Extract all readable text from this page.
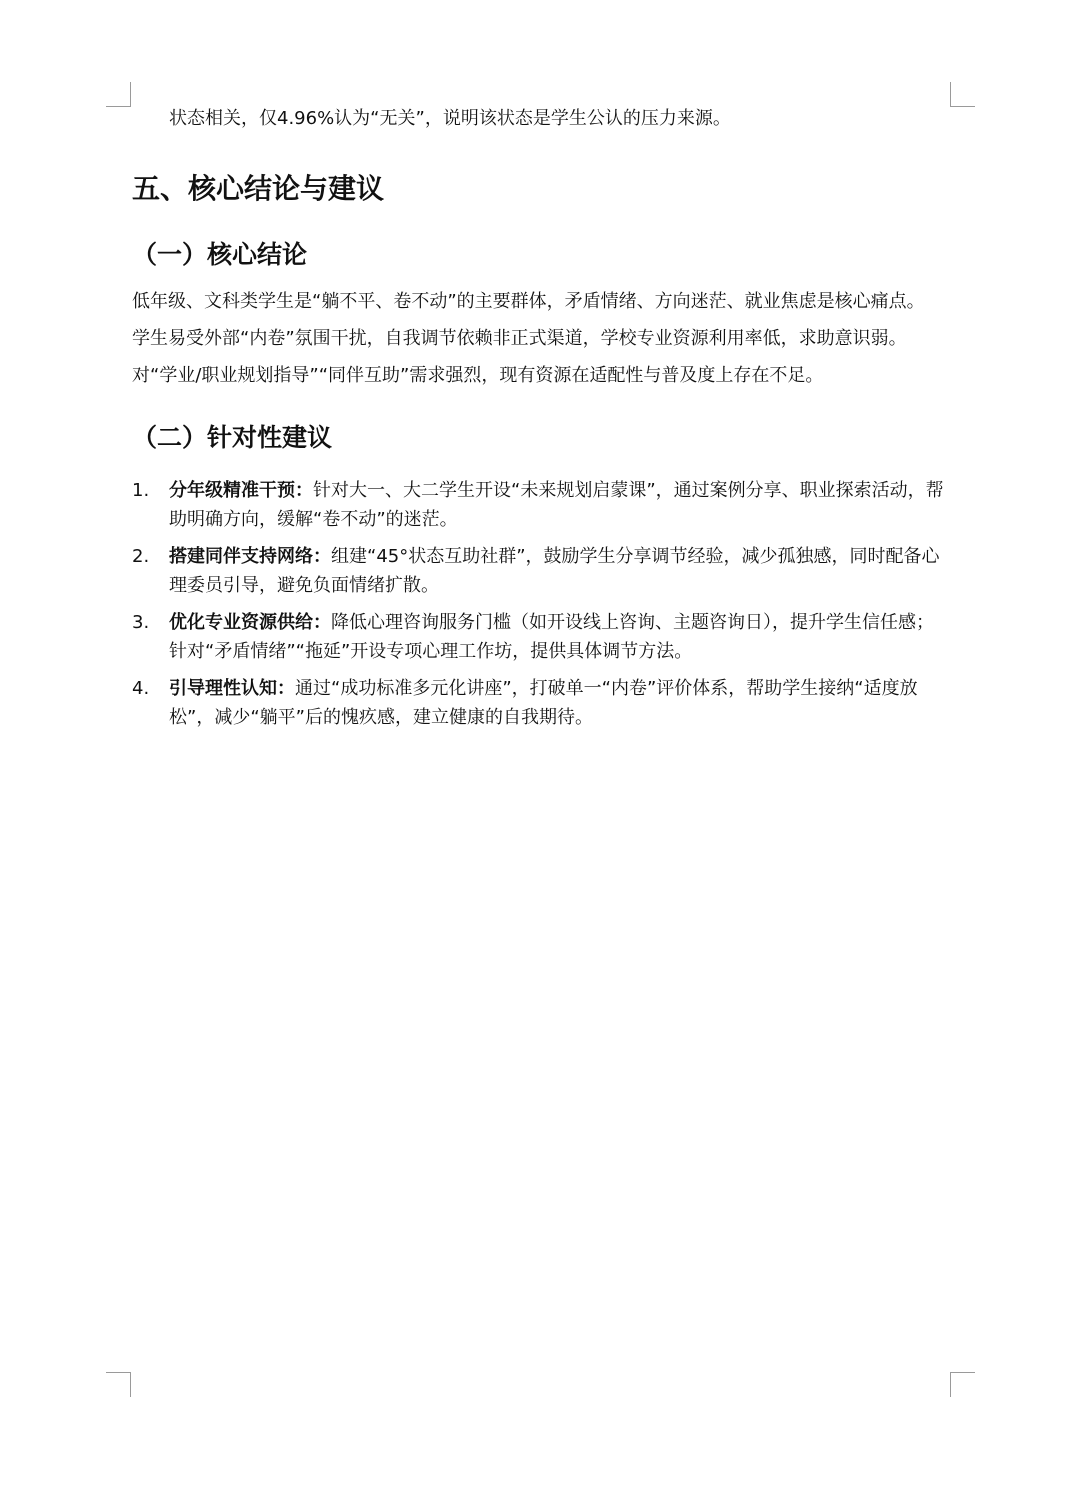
状态相关，仅4.96%认为“无关”，说明该状态是学生公认的压力来源。

五、核心结论与建议
（一）核心结论

低年级、文科类学生是“躺不平、卷不动”的主要群体，矛盾情绪、方向迷茫、就业焦虑是核心痛点。

学生易受外部“内卷”氛围干扰，自我调节依赖非正式渠道，学校专业资源利用率低，求助意识弱。

对“学业/职业规划指导”“同伴互助”需求强烈，现有资源在适配性与普及度上存在不足。

（二）针对性建议
1. 分年级精准干预：针对大一、大二学生开设“未来规划启蒙课”，通过案例分享、职业探索活动，帮助明确方向，缓解“卷不动”的迷茫。
2. 搭建同伴支持网络：组建“45°状态互助社群”，鼓励学生分享调节经验，减少孤独感，同时配备心理委员引导，避免负面情绪扩散。
3. 优化专业资源供给：降低心理咨询服务门槛（如开设线上咨询、主题咨询日），提升学生信任感；针对“矛盾情绪”“拖延”开设专项心理工作坊，提供具体调节方法。
4. 引导理性认知：通过“成功标准多元化讲座”，打破单一“内卷”评价体系，帮助学生接纳“适度放松”，减少“躺平”后的愧疚感，建立健康的自我期待。
